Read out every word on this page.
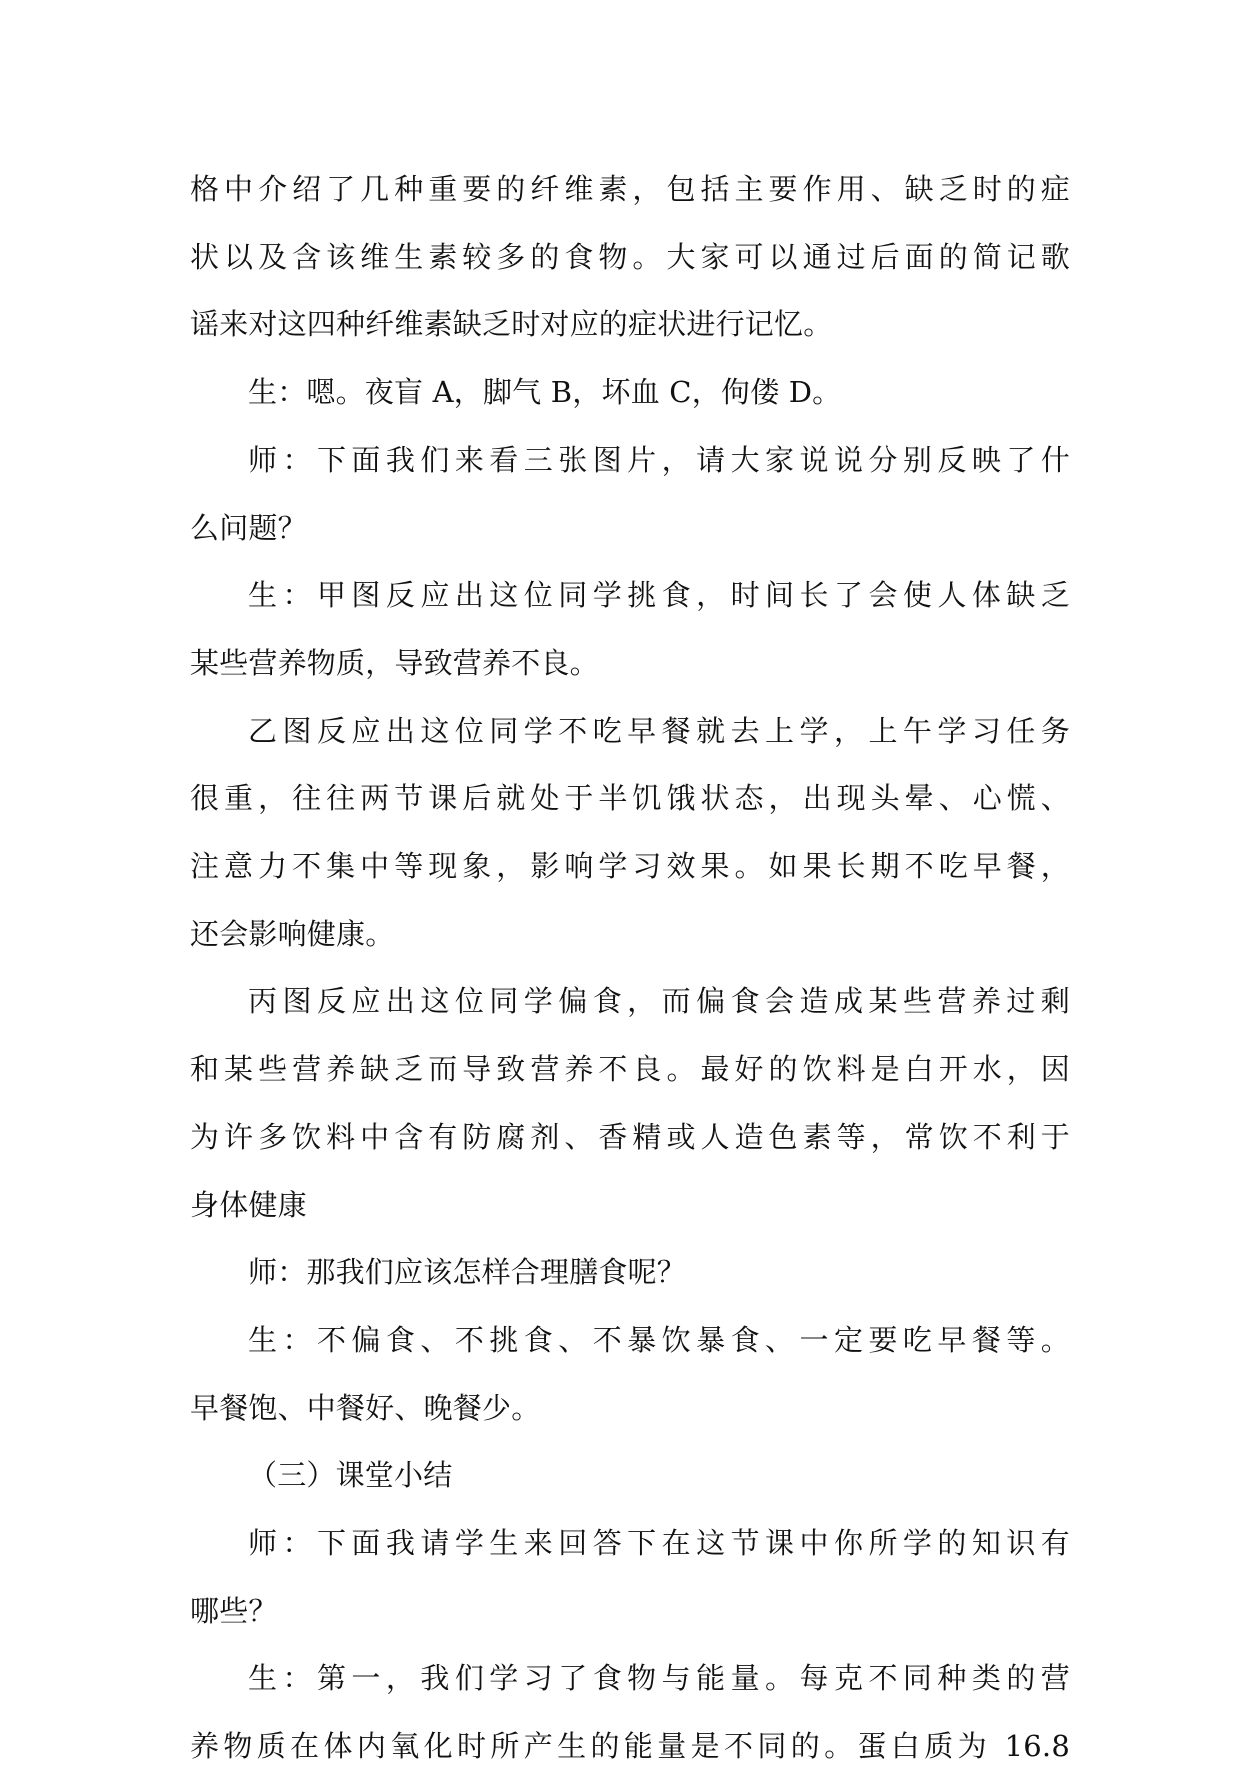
格中介绍了几种重要的纤维素，包括主要作用、缺乏时的症
状以及含该维生素较多的食物。大家可以通过后面的简记歌
谣来对这四种纤维素缺乏时对应的症状进行记忆。
生：嗯。夜盲 A，脚气 B，坏血 C，佝偻 D。
师：下面我们来看三张图片，请大家说说分别反映了什
么问题？
生：甲图反应出这位同学挑食，时间长了会使人体缺乏
某些营养物质，导致营养不良。
乙图反应出这位同学不吃早餐就去上学，上午学习任务
很重，往往两节课后就处于半饥饿状态，出现头晕、心慌、
注意力不集中等现象，影响学习效果。如果长期不吃早餐，
还会影响健康。
丙图反应出这位同学偏食，而偏食会造成某些营养过剩
和某些营养缺乏而导致营养不良。最好的饮料是白开水，因
为许多饮料中含有防腐剂、香精或人造色素等，常饮不利于
身体健康
师：那我们应该怎样合理膳食呢？
生：不偏食、不挑食、不暴饮暴食、一定要吃早餐等。
早餐饱、中餐好、晚餐少。
（三）课堂小结
师：下面我请学生来回答下在这节课中你所学的知识有
哪些？
生：第一，我们学习了食物与能量。每克不同种类的营
养物质在体内氧化时所产生的能量是不同的。蛋白质为 16.8
